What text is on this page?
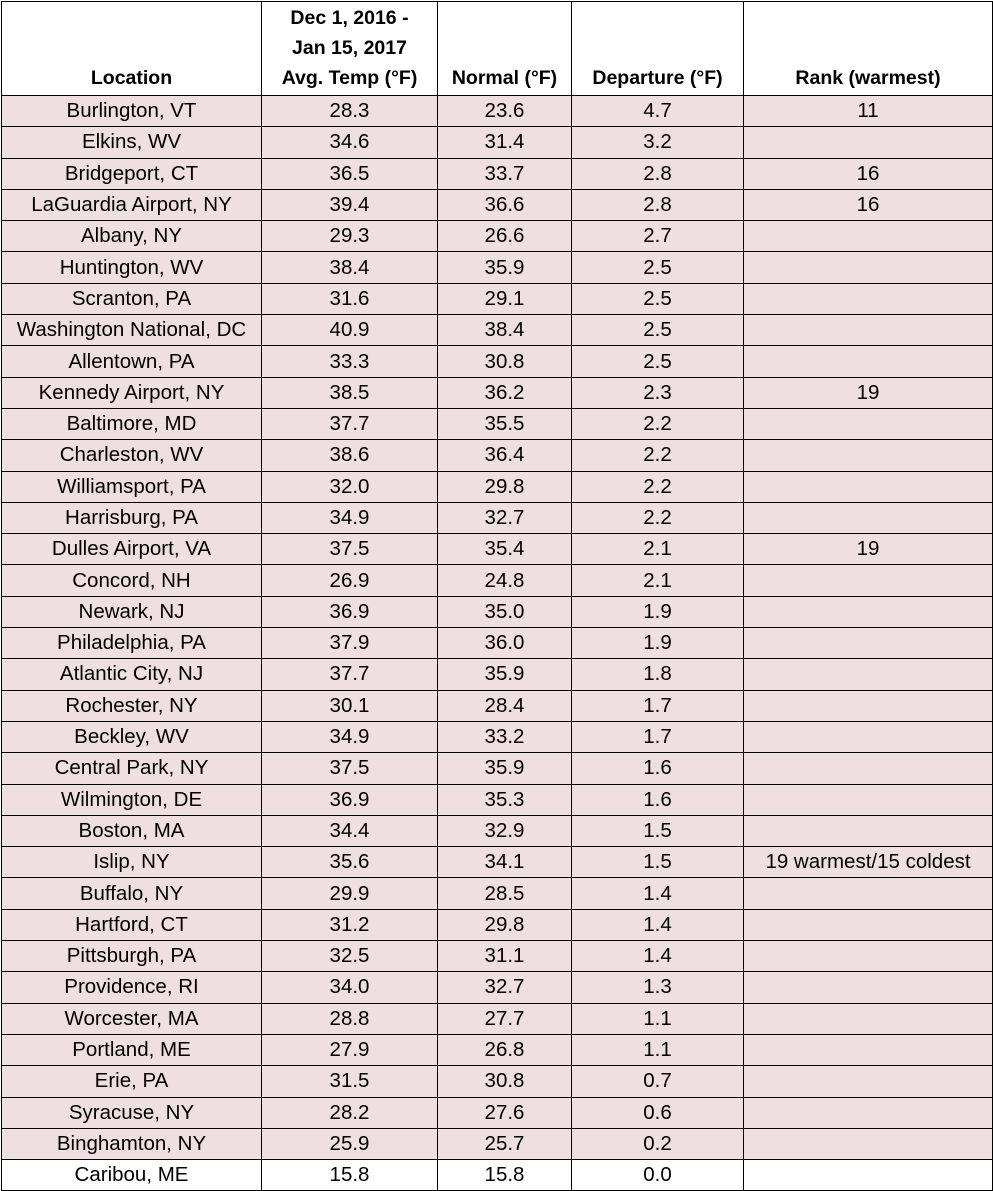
Location	Dec 1, 2016 -
Jan 15, 2017
Avg. Temp (°F)	Normal (°F)	Departure (°F)	Rank (warmest)
Burlington, VT	28.3	23.6	4.7	11
Elkins, WV	34.6	31.4	3.2	
Bridgeport, CT	36.5	33.7	2.8	16
LaGuardia Airport, NY	39.4	36.6	2.8	16
Albany, NY	29.3	26.6	2.7	
Huntington, WV	38.4	35.9	2.5	
Scranton, PA	31.6	29.1	2.5	
Washington National, DC	40.9	38.4	2.5	
Allentown, PA	33.3	30.8	2.5	
Kennedy Airport, NY	38.5	36.2	2.3	19
Baltimore, MD	37.7	35.5	2.2	
Charleston, WV	38.6	36.4	2.2	
Williamsport, PA	32.0	29.8	2.2	
Harrisburg, PA	34.9	32.7	2.2	
Dulles Airport, VA	37.5	35.4	2.1	19
Concord, NH	26.9	24.8	2.1	
Newark, NJ	36.9	35.0	1.9	
Philadelphia, PA	37.9	36.0	1.9	
Atlantic City, NJ	37.7	35.9	1.8	
Rochester, NY	30.1	28.4	1.7	
Beckley, WV	34.9	33.2	1.7	
Central Park, NY	37.5	35.9	1.6	
Wilmington, DE	36.9	35.3	1.6	
Boston, MA	34.4	32.9	1.5	
Islip, NY	35.6	34.1	1.5	19 warmest/15 coldest
Buffalo, NY	29.9	28.5	1.4	
Hartford, CT	31.2	29.8	1.4	
Pittsburgh, PA	32.5	31.1	1.4	
Providence, RI	34.0	32.7	1.3	
Worcester, MA	28.8	27.7	1.1	
Portland, ME	27.9	26.8	1.1	
Erie, PA	31.5	30.8	0.7	
Syracuse, NY	28.2	27.6	0.6	
Binghamton, NY	25.9	25.7	0.2	
Caribou, ME	15.8	15.8	0.0	
